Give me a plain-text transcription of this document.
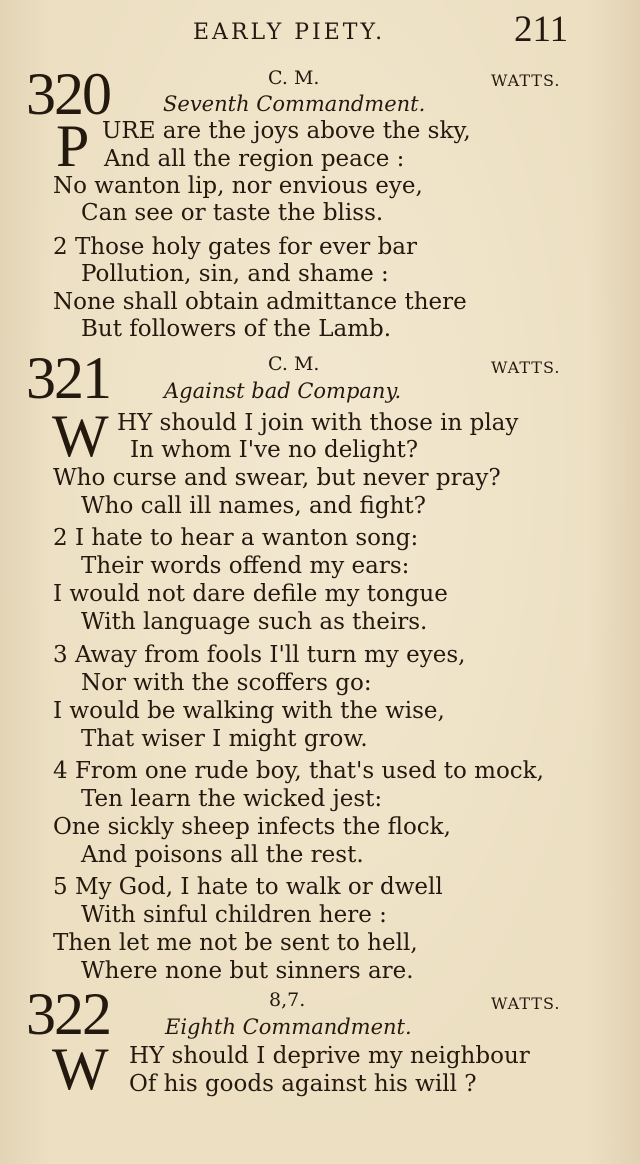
EARLY PIETY.	211
320	C. M.	WATTS.
Seventh Commandment.
P URE are the joys above the sky,
And all the region peace :
No wanton lip, nor envious eye,
Can see or taste the bliss.
2 Those holy gates for ever bar
Pollution, sin, and shame :
None shall obtain admittance there
But followers of the Lamb.
321	C. M.	WATTS.
Against bad Company.
W HY should I join with those in play
In whom I've no delight?
Who curse and swear, but never pray?
Who call ill names, and fight?
2 I hate to hear a wanton song:
Their words offend my ears:
I would not dare defile my tongue
With language such as theirs.
3 Away from fools I'll turn my eyes,
Nor with the scoffers go:
I would be walking with the wise,
That wiser I might grow.
4 From one rude boy, that's used to mock,
Ten learn the wicked jest:
One sickly sheep infects the flock,
And poisons all the rest.
5 My God, I hate to walk or dwell
With sinful children here :
Then let me not be sent to hell,
Where none but sinners are.
322	8,7.	WATTS.
Eighth Commandment.
W HY should I deprive my neighbour
Of his goods against his will ?
